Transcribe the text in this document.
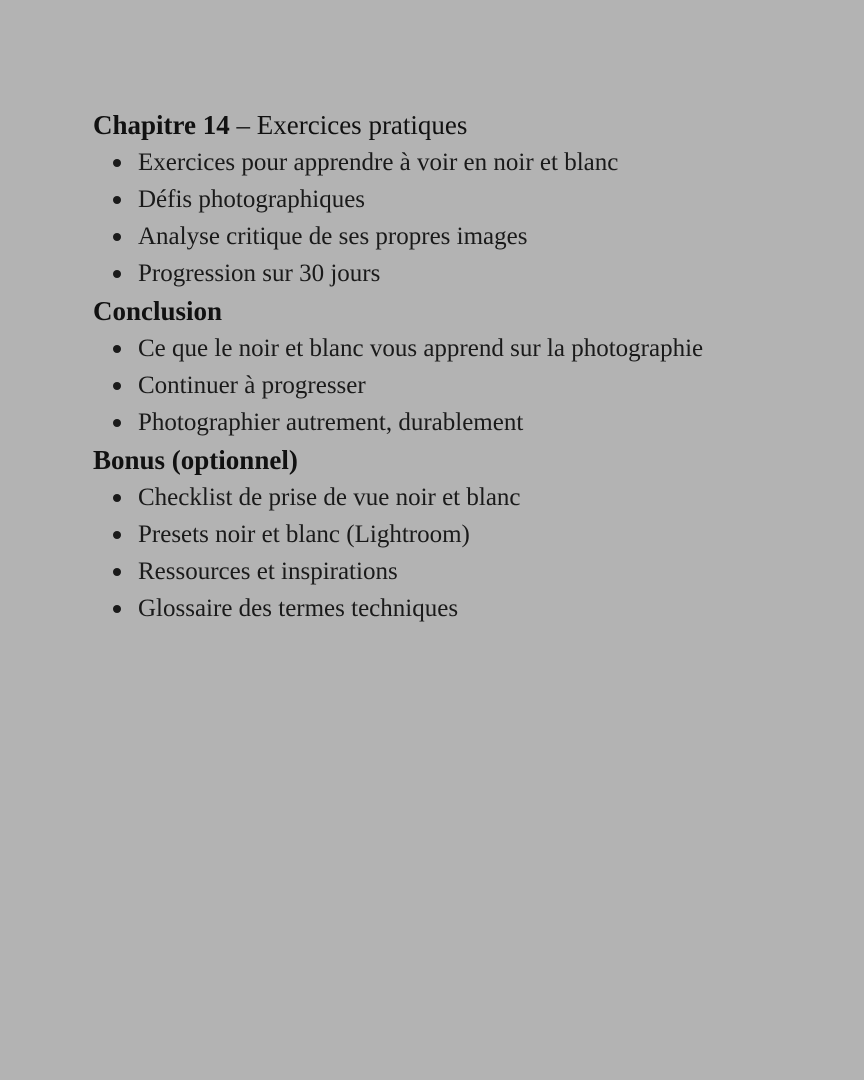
Chapitre 14 – Exercices pratiques
Exercices pour apprendre à voir en noir et blanc
Défis photographiques
Analyse critique de ses propres images
Progression sur 30 jours
Conclusion
Ce que le noir et blanc vous apprend sur la photographie
Continuer à progresser
Photographier autrement, durablement
Bonus (optionnel)
Checklist de prise de vue noir et blanc
Presets noir et blanc (Lightroom)
Ressources et inspirations
Glossaire des termes techniques
